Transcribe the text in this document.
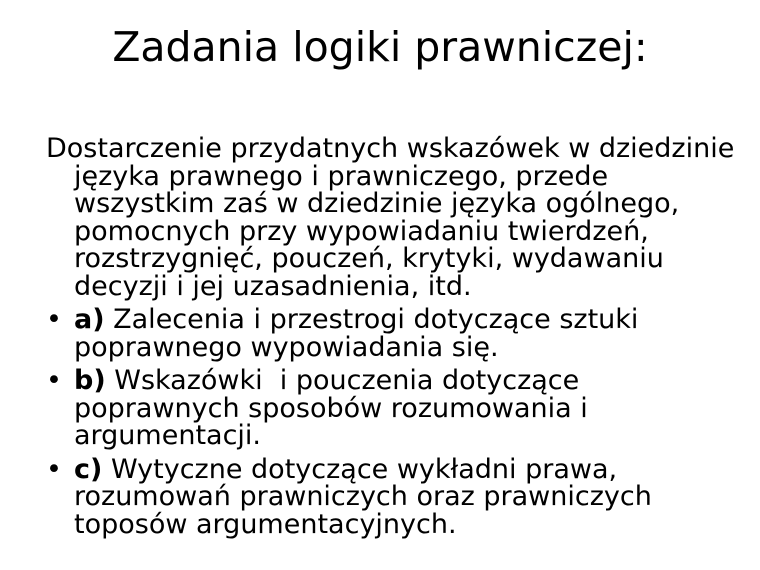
Zadania logiki prawniczej:

Dostarczenie przydatnych wskazówek w dziedzinie języka prawnego i prawniczego, przede wszystkim zaś w dziedzinie języka ogólnego, pomocnych przy wypowiadaniu twierdzeń, rozstrzygnięć, pouczeń, krytyki, wydawaniu decyzji i jej uzasadnienia, itd.

• a) Zalecenia i przestrogi dotyczące sztuki poprawnego wypowiadania się.
• b) Wskazówki  i pouczenia dotyczące poprawnych sposobów rozumowania i argumentacji.
• c) Wytyczne dotyczące wykładni prawa, rozumowań prawniczych oraz prawniczych toposów argumentacyjnych.
